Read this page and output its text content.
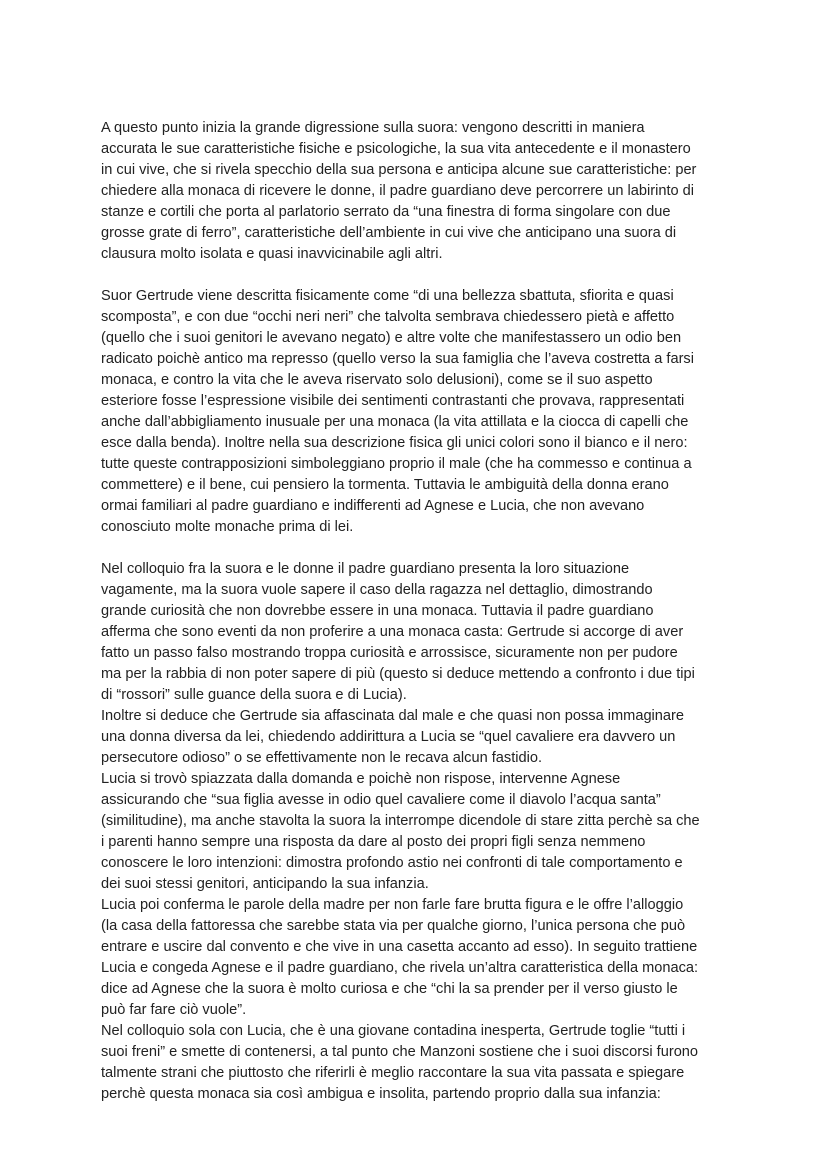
A questo punto inizia la grande digressione sulla suora: vengono descritti in maniera
accurata le sue caratteristiche fisiche e psicologiche, la sua vita antecedente e il monastero
in cui vive, che si rivela specchio della sua persona e anticipa alcune sue caratteristiche: per
chiedere alla monaca di ricevere le donne, il padre guardiano deve percorrere un labirinto di
stanze e cortili che porta al parlatorio serrato da “una finestra di forma singolare con due
grosse grate di ferro”, caratteristiche dell’ambiente in cui vive che anticipano una suora di
clausura molto isolata e quasi inavvicinabile agli altri.

Suor Gertrude viene descritta fisicamente come “di una bellezza sbattuta, sfiorita e quasi
scomposta”, e con due “occhi neri neri” che talvolta sembrava chiedessero pietà e affetto
(quello che i suoi genitori le avevano negato) e altre volte che manifestassero un odio ben
radicato poichè antico ma represso (quello verso la sua famiglia che l’aveva costretta a farsi
monaca, e contro la vita che le aveva riservato solo delusioni), come se il suo aspetto
esteriore fosse l’espressione visibile dei sentimenti contrastanti che provava, rappresentati
anche dall’abbigliamento inusuale per una monaca (la vita attillata e la ciocca di capelli che
esce dalla benda). Inoltre nella sua descrizione fisica gli unici colori sono il bianco e il nero:
tutte queste contrapposizioni simboleggiano proprio il male (che ha commesso e continua a
commettere) e il bene, cui pensiero la tormenta. Tuttavia le ambiguità della donna erano
ormai familiari al padre guardiano e indifferenti ad Agnese e Lucia, che non avevano
conosciuto molte monache prima di lei.

Nel colloquio fra la suora e le donne il padre guardiano presenta la loro situazione
vagamente, ma la suora vuole sapere il caso della ragazza nel dettaglio, dimostrando
grande curiosità che non dovrebbe essere in una monaca. Tuttavia il padre guardiano
afferma che sono eventi da non proferire a una monaca casta: Gertrude si accorge di aver
fatto un passo falso mostrando troppa curiosità e arrossisce, sicuramente non per pudore
ma per la rabbia di non poter sapere di più (questo si deduce mettendo a confronto i due tipi
di “rossori” sulle guance della suora e di Lucia).

Inoltre si deduce che Gertrude sia affascinata dal male e che quasi non possa immaginare
una donna diversa da lei, chiedendo addirittura a Lucia se “quel cavaliere era davvero un
persecutore odioso” o se effettivamente non le recava alcun fastidio.

Lucia si trovò spiazzata dalla domanda e poichè non rispose, intervenne Agnese
assicurando che “sua figlia avesse in odio quel cavaliere come il diavolo l’acqua santa”
(similitudine), ma anche stavolta la suora la interrompe dicendole di stare zitta perchè sa che
i parenti hanno sempre una risposta da dare al posto dei propri figli senza nemmeno
conoscere le loro intenzioni: dimostra profondo astio nei confronti di tale comportamento e
dei suoi stessi genitori, anticipando la sua infanzia.

Lucia poi conferma le parole della madre per non farle fare brutta figura e le offre l’alloggio
(la casa della fattoressa che sarebbe stata via per qualche giorno, l’unica persona che può
entrare e uscire dal convento e che vive in una casetta accanto ad esso). In seguito trattiene
Lucia e congeda Agnese e il padre guardiano, che rivela un’altra caratteristica della monaca:
dice ad Agnese che la suora è molto curiosa e che “chi la sa prender per il verso giusto le
può far fare ciò vuole”.

Nel colloquio sola con Lucia, che è una giovane contadina inesperta, Gertrude toglie “tutti i
suoi freni” e smette di contenersi, a tal punto che Manzoni sostiene che i suoi discorsi furono
talmente strani che piuttosto che riferirli è meglio raccontare la sua vita passata e spiegare
perchè questa monaca sia così ambigua e insolita, partendo proprio dalla sua infanzia:
